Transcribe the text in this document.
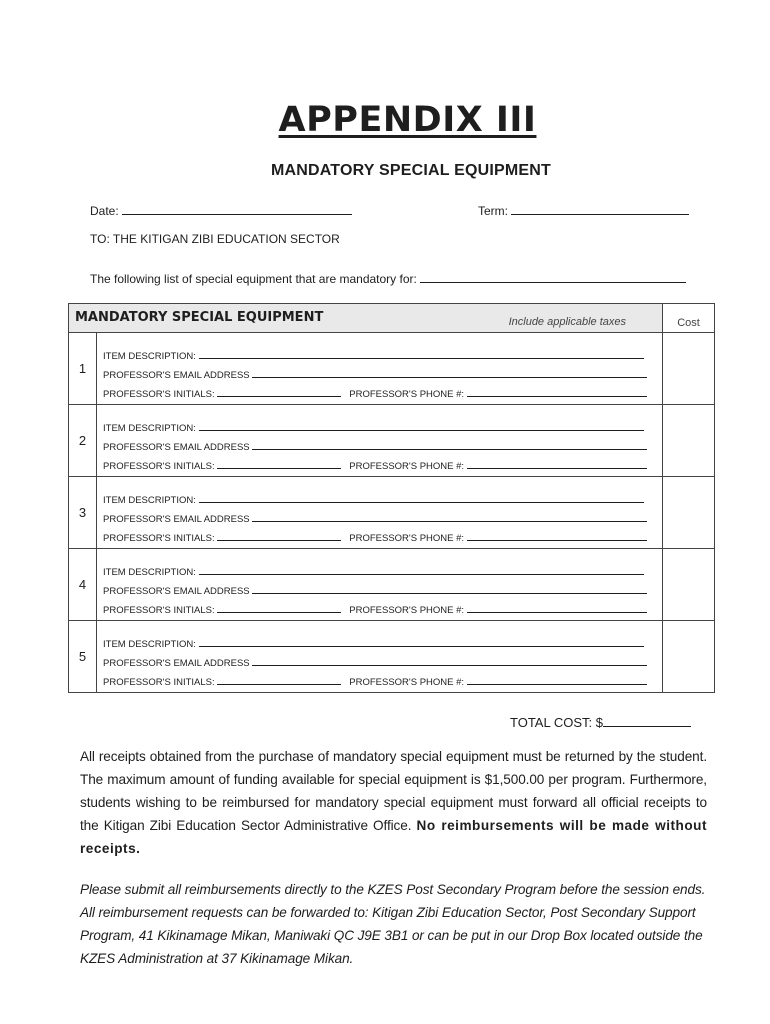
APPENDIX III
MANDATORY SPECIAL EQUIPMENT
Date:	Term:
TO: THE KITIGAN ZIBI EDUCATION SECTOR
The following list of special equipment that are mandatory for:
MANDATORY SPECIAL EQUIPMENT Include applicable taxes		Cost

1	ITEM DESCRIPTION:
PROFESSOR'S EMAIL ADDRESS
PROFESSOR'S INITIALS: PROFESSOR'S PHONE #:	

2	ITEM DESCRIPTION:
PROFESSOR'S EMAIL ADDRESS
PROFESSOR'S INITIALS: PROFESSOR'S PHONE #:	

3	ITEM DESCRIPTION:
PROFESSOR'S EMAIL ADDRESS
PROFESSOR'S INITIALS: PROFESSOR'S PHONE #:	

4	ITEM DESCRIPTION:
PROFESSOR'S EMAIL ADDRESS
PROFESSOR'S INITIALS: PROFESSOR'S PHONE #:	

5	ITEM DESCRIPTION:
PROFESSOR'S EMAIL ADDRESS
PROFESSOR'S INITIALS: PROFESSOR'S PHONE #:	

TOTAL COST: $
All receipts obtained from the purchase of mandatory special equipment must be returned by the student. The maximum amount of funding available for special equipment is $1,500.00 per program. Furthermore, students wishing to be reimbursed for mandatory special equipment must forward all official receipts to the Kitigan Zibi Education Sector Administrative Office. No reimbursements will be made without receipts.
Please submit all reimbursements directly to the KZES Post Secondary Program before the session ends. All reimbursement requests can be forwarded to: Kitigan Zibi Education Sector, Post Secondary Support Program, 41 Kikinamage Mikan, Maniwaki QC J9E 3B1 or can be put in our Drop Box located outside the KZES Administration at 37 Kikinamage Mikan.
